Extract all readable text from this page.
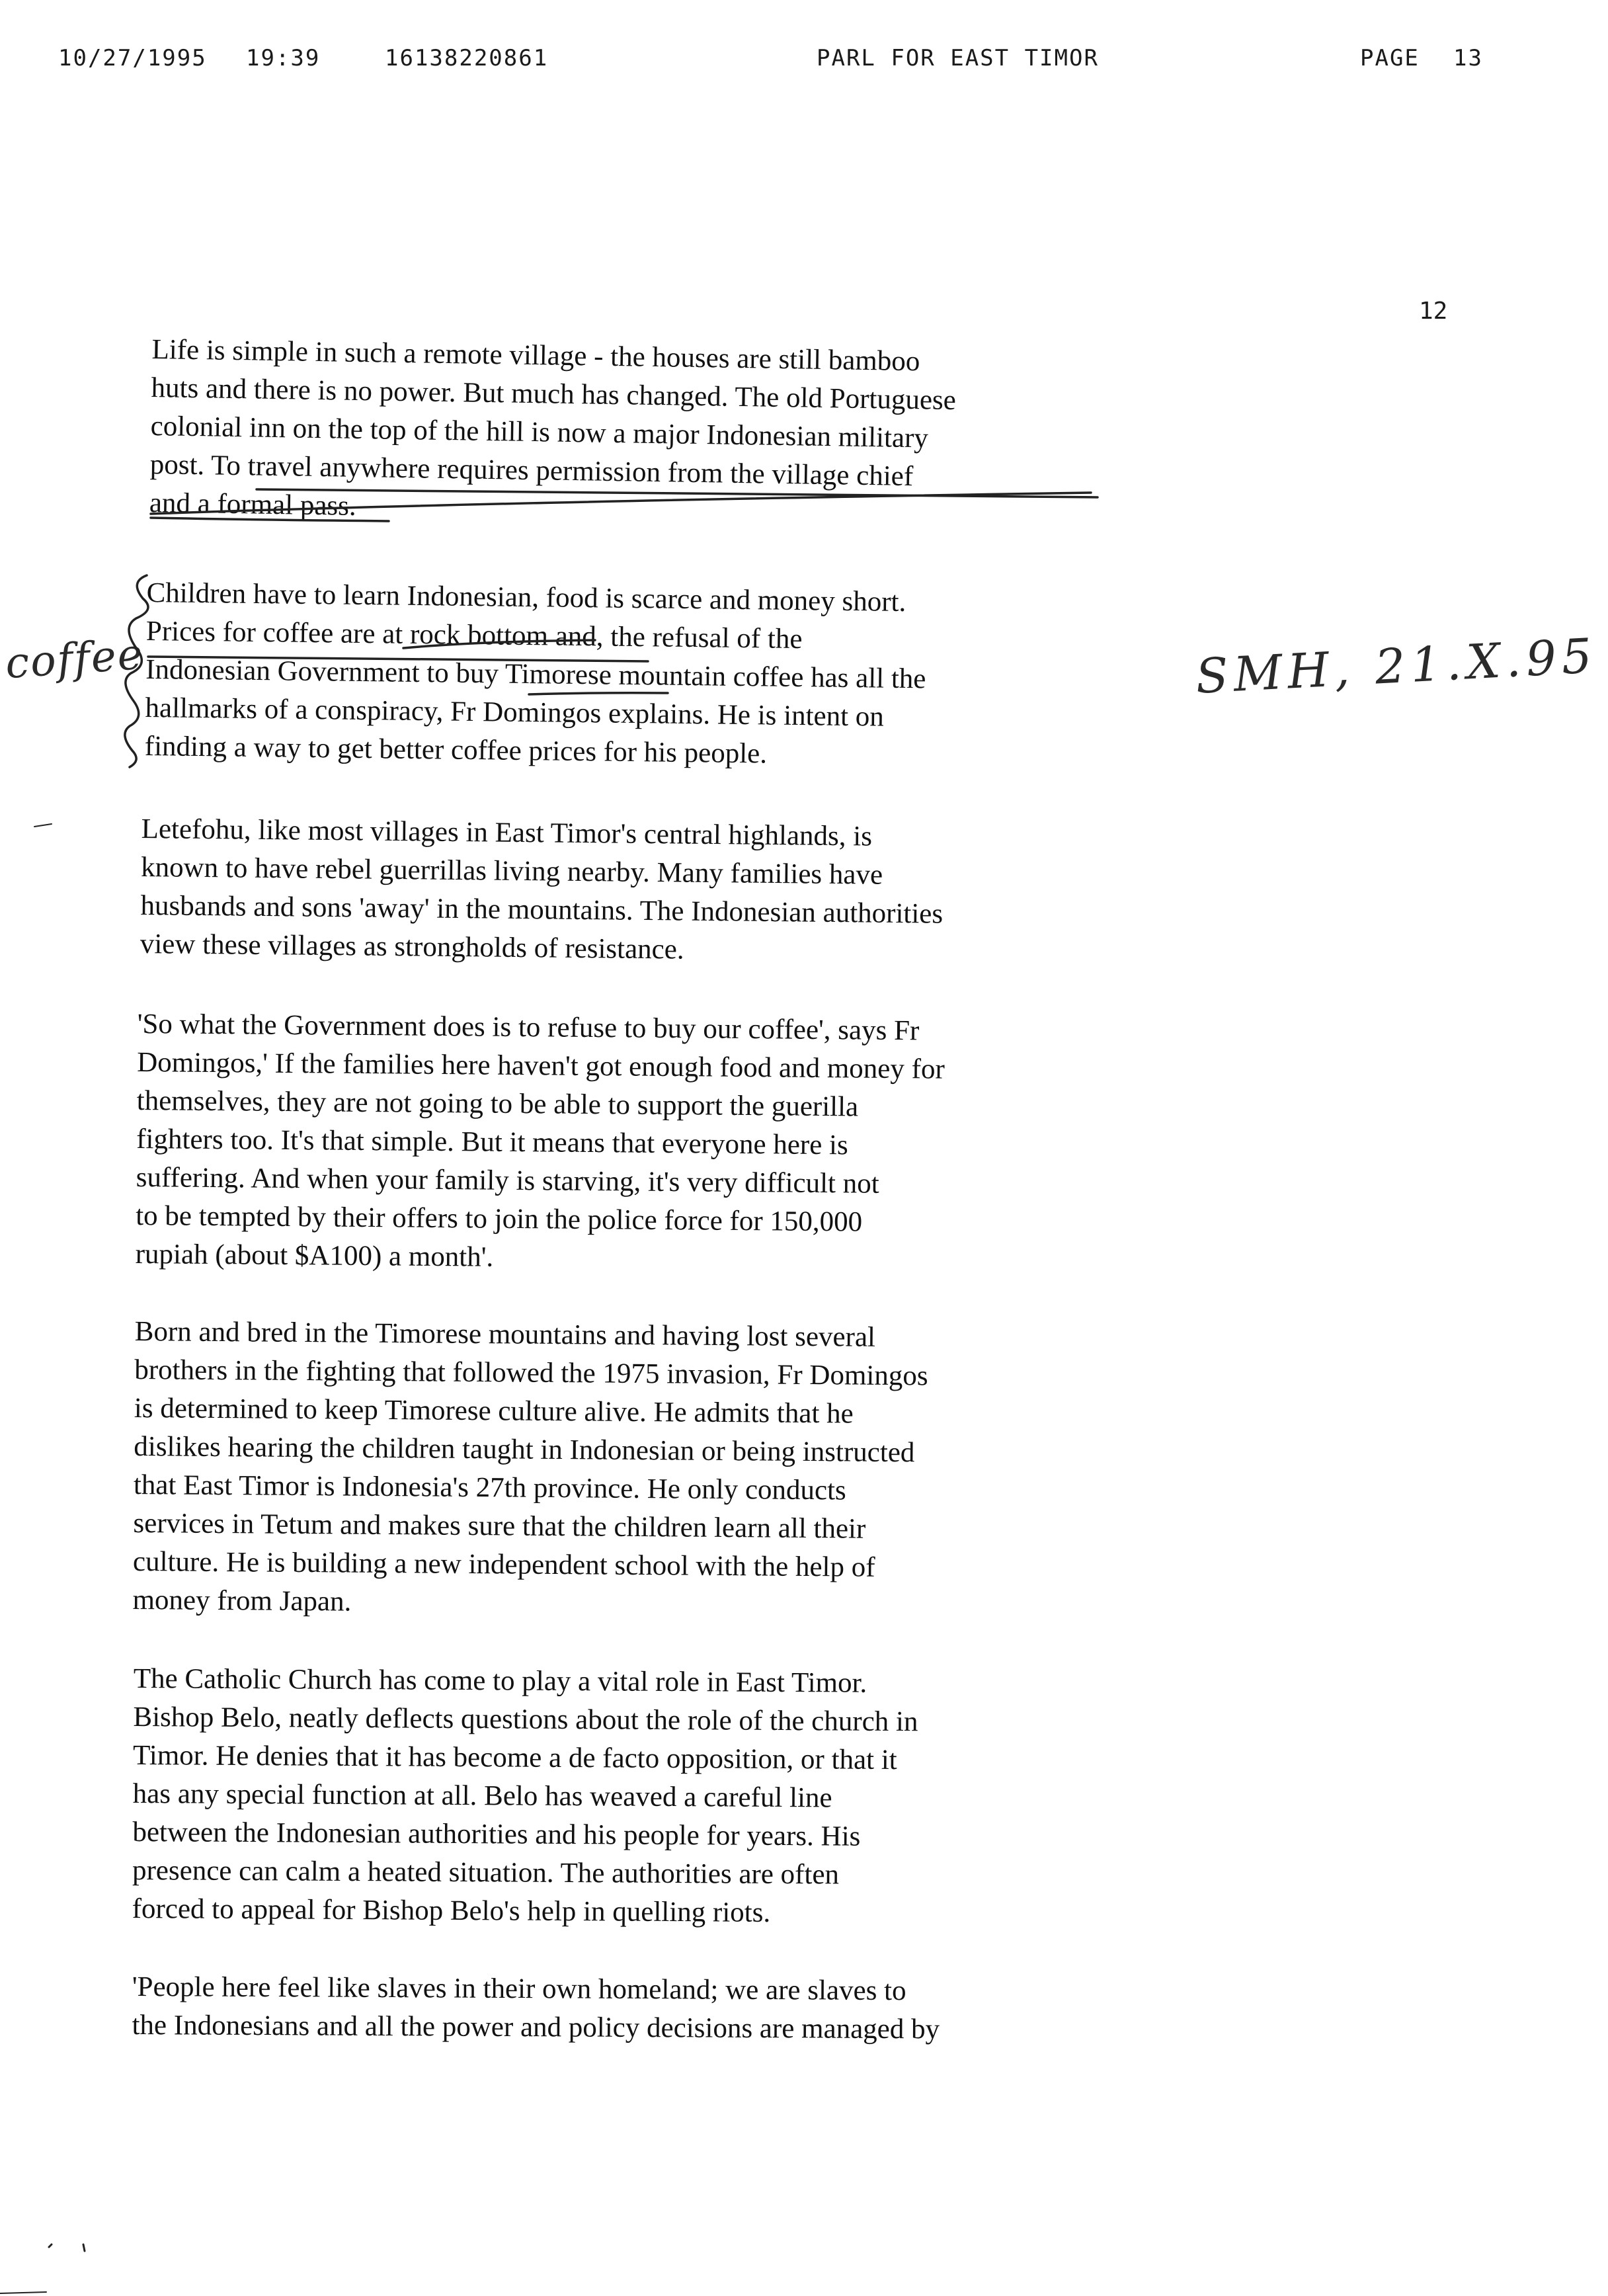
10/27/1995 19:39	16138220861	PARL FOR EAST TIMOR	PAGE 13
12
Life is simple in such a remote village - the houses are still bamboo
huts and there is no power. But much has changed. The old Portuguese
colonial inn on the top of the hill is now a major Indonesian military
post. To travel anywhere requires permission from the village chief
and a formal pass.
Children have to learn Indonesian, food is scarce and money short.
Prices for coffee are at rock bottom and, the refusal of the
Indonesian Government to buy Timorese mountain coffee has all the
hallmarks of a conspiracy, Fr Domingos explains. He is intent on
finding a way to get better coffee prices for his people.
Letefohu, like most villages in East Timor's central highlands, is
known to have rebel guerrillas living nearby. Many families have
husbands and sons 'away' in the mountains. The Indonesian authorities
view these villages as strongholds of resistance.
'So what the Government does is to refuse to buy our coffee', says Fr
Domingos,' If the families here haven't got enough food and money for
themselves, they are not going to be able to support the guerilla
fighters too. It's that simple. But it means that everyone here is
suffering. And when your family is starving, it's very difficult not
to be tempted by their offers to join the police force for 150,000
rupiah (about $A100) a month'.
Born and bred in the Timorese mountains and having lost several
brothers in the fighting that followed the 1975 invasion, Fr Domingos
is determined to keep Timorese culture alive. He admits that he
dislikes hearing the children taught in Indonesian or being instructed
that East Timor is Indonesia's 27th province. He only conducts
services in Tetum and makes sure that the children learn all their
culture. He is building a new independent school with the help of
money from Japan.
The Catholic Church has come to play a vital role in East Timor.
Bishop Belo, neatly deflects questions about the role of the church in
Timor. He denies that it has become a de facto opposition, or that it
has any special function at all. Belo has weaved a careful line
between the Indonesian authorities and his people for years. His
presence can calm a heated situation. The authorities are often
forced to appeal for Bishop Belo's help in quelling riots.
'People here feel like slaves in their own homeland; we are slaves to
the Indonesians and all the power and policy decisions are managed by
coffee	SMH, 21.X.95
